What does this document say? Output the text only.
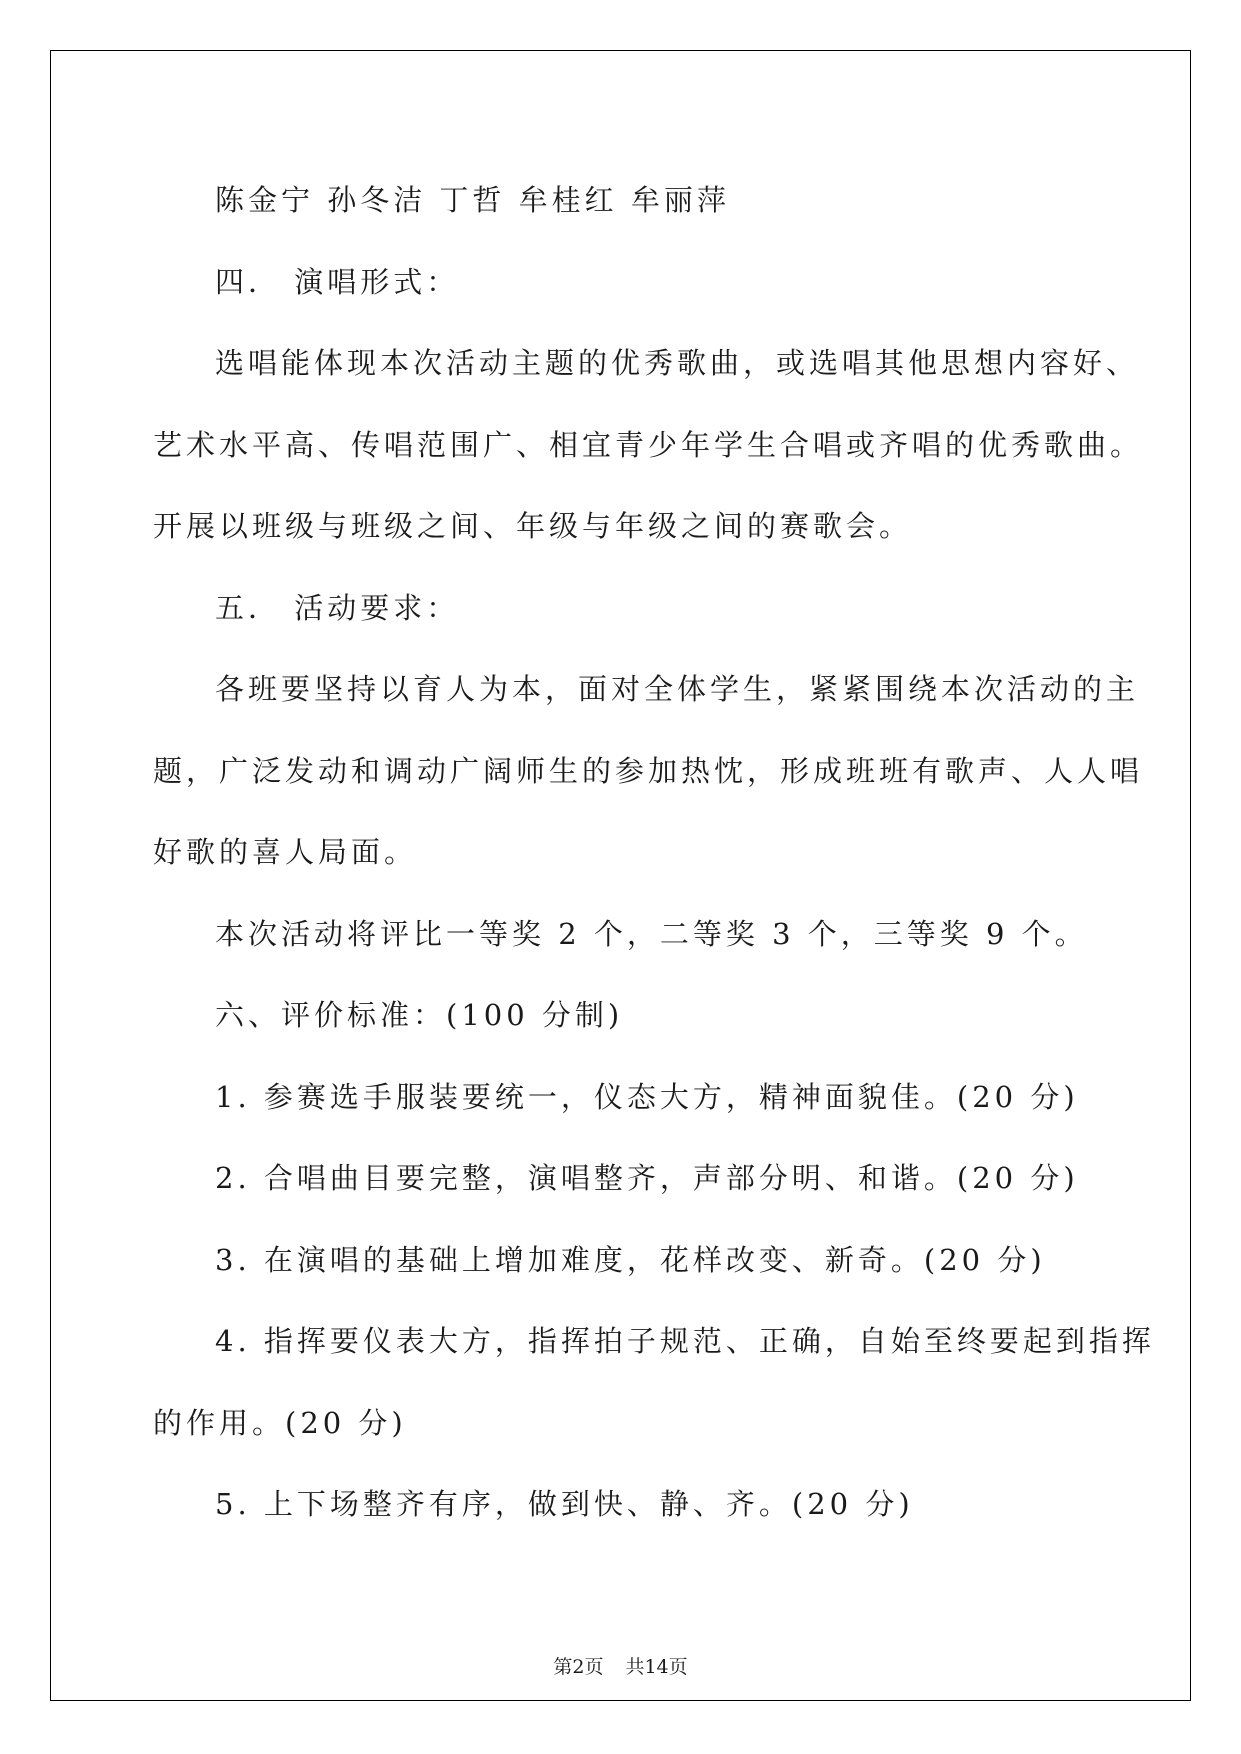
陈金宁 孙冬洁 丁哲 牟桂红 牟丽萍
四． 演唱形式：
选唱能体现本次活动主题的优秀歌曲，或选唱其他思想内容好、
艺术水平高、传唱范围广、相宜青少年学生合唱或齐唱的优秀歌曲。
开展以班级与班级之间、年级与年级之间的赛歌会。
五． 活动要求：
各班要坚持以育人为本，面对全体学生，紧紧围绕本次活动的主
题，广泛发动和调动广阔师生的参加热忱，形成班班有歌声、人人唱
好歌的喜人局面。
本次活动将评比一等奖 2 个，二等奖 3 个，三等奖 9 个。
六、评价标准：(100 分制)
1. 参赛选手服装要统一，仪态大方，精神面貌佳。(20 分)
2. 合唱曲目要完整，演唱整齐，声部分明、和谐。(20 分)
3. 在演唱的基础上增加难度，花样改变、新奇。(20 分)
4. 指挥要仪表大方，指挥拍子规范、正确，自始至终要起到指挥
的作用。(20 分)
5. 上下场整齐有序，做到快、静、齐。(20 分)
第2页 共14页
